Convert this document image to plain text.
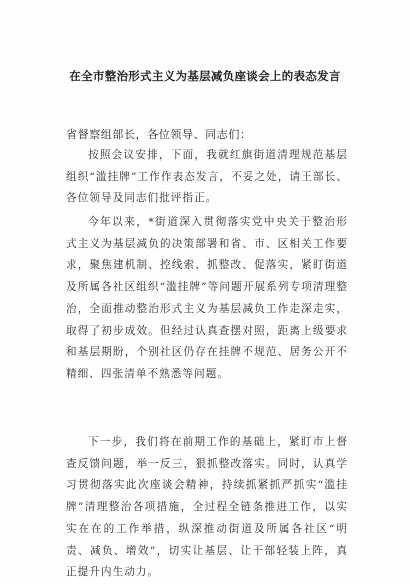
在全市整治形式主义为基层减负座谈会上的表态发言
省督察组部长，各位领导、同志们：
按照会议安排，下面，我就红旗街道清理规范基层组织“滥挂牌”工作作表态发言，不妥之处，请王部长、各位领导及同志们批评指正。
今年以来，*街道深入贯彻落实党中央关于整治形式主义为基层减负的决策部署和省、市、区相关工作要求，聚焦建机制、控线索、抓整改、促落实，紧盯街道及所属各社区组织“滥挂牌”等问题开展系列专项清理整治，全面推动整治形式主义为基层减负工作走深走实，取得了初步成效。但经过认真查摆对照，距离上级要求和基层期盼，个别社区仍存在挂牌不规范、居务公开不精细、四张清单不熟悉等问题。
下一步，我们将在前期工作的基础上，紧盯市上督查反馈问题，举一反三，狠抓整改落实。同时，认真学习贯彻落实此次座谈会精神，持续抓紧抓严抓实“滥挂牌”清理整治各项措施，全过程全链条推进工作，以实实在在的工作举措，纵深推动街道及所属各社区“明责、减负、增效”，切实让基层、让干部轻装上阵，真正提升内生动力。
